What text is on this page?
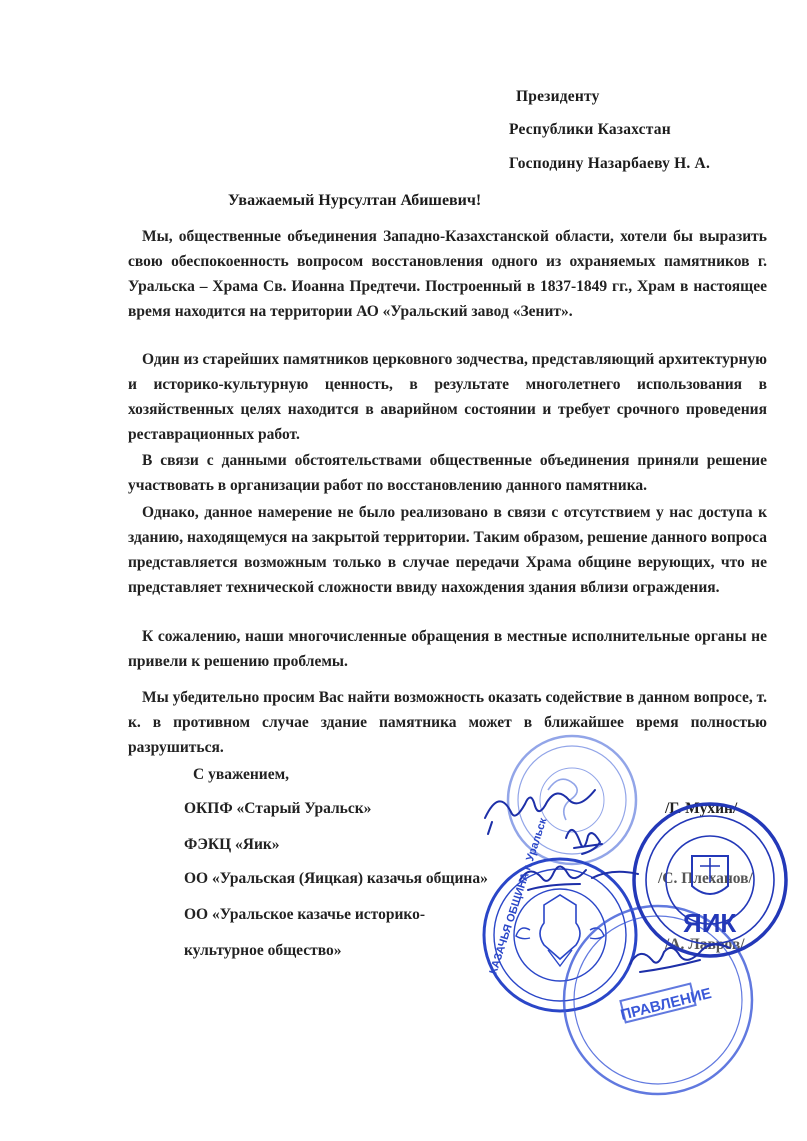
Президенту
Республики Казахстан
Господину Назарбаеву Н. А.
Уважаемый Нурсултан Абишевич!
Мы, общественные объединения Западно-Казахстанской области, хотели бы выразить свою обеспокоенность вопросом восстановления одного из охраняемых памятников г. Уральска – Храма Св. Иоанна Предтечи. Построенный в 1837-1849 гг., Храм в настоящее время находится на территории АО «Уральский завод «Зенит».
Один из старейших памятников церковного зодчества, представляющий архитектурную и историко-культурную ценность, в результате многолетнего использования в хозяйственных целях находится в аварийном состоянии и требует срочного проведения реставрационных работ.
В связи с данными обстоятельствами общественные объединения приняли решение участвовать в организации работ по восстановлению данного памятника.
Однако, данное намерение не было реализовано в связи с отсутствием у нас доступа к зданию, находящемуся на закрытой территории. Таким образом, решение данного вопроса представляется возможным только в случае передачи Храма общине верующих, что не представляет технической сложности ввиду нахождения здания вблизи ограждения.
К сожалению, наши многочисленные обращения в местные исполнительные органы не привели к решению проблемы.
Мы убедительно просим Вас найти возможность оказать содействие в данном вопросе, т. к. в противном случае здание памятника может в ближайшее время полностью разрушиться.
С уважением,
ОКПФ «Старый Уральск»
ФЭКЦ «Яик»
ОО «Уральская (Яицкая) казачья община»
ОО «Уральское казачье историко-
культурное общество»
/Г. Мухин/
/С. Плеханов/
/А. Лавров/
ЯИК
ПРАВЛЕНИЕ
КАЗАЧЬЯ ОБЩИНА г. Уральск
